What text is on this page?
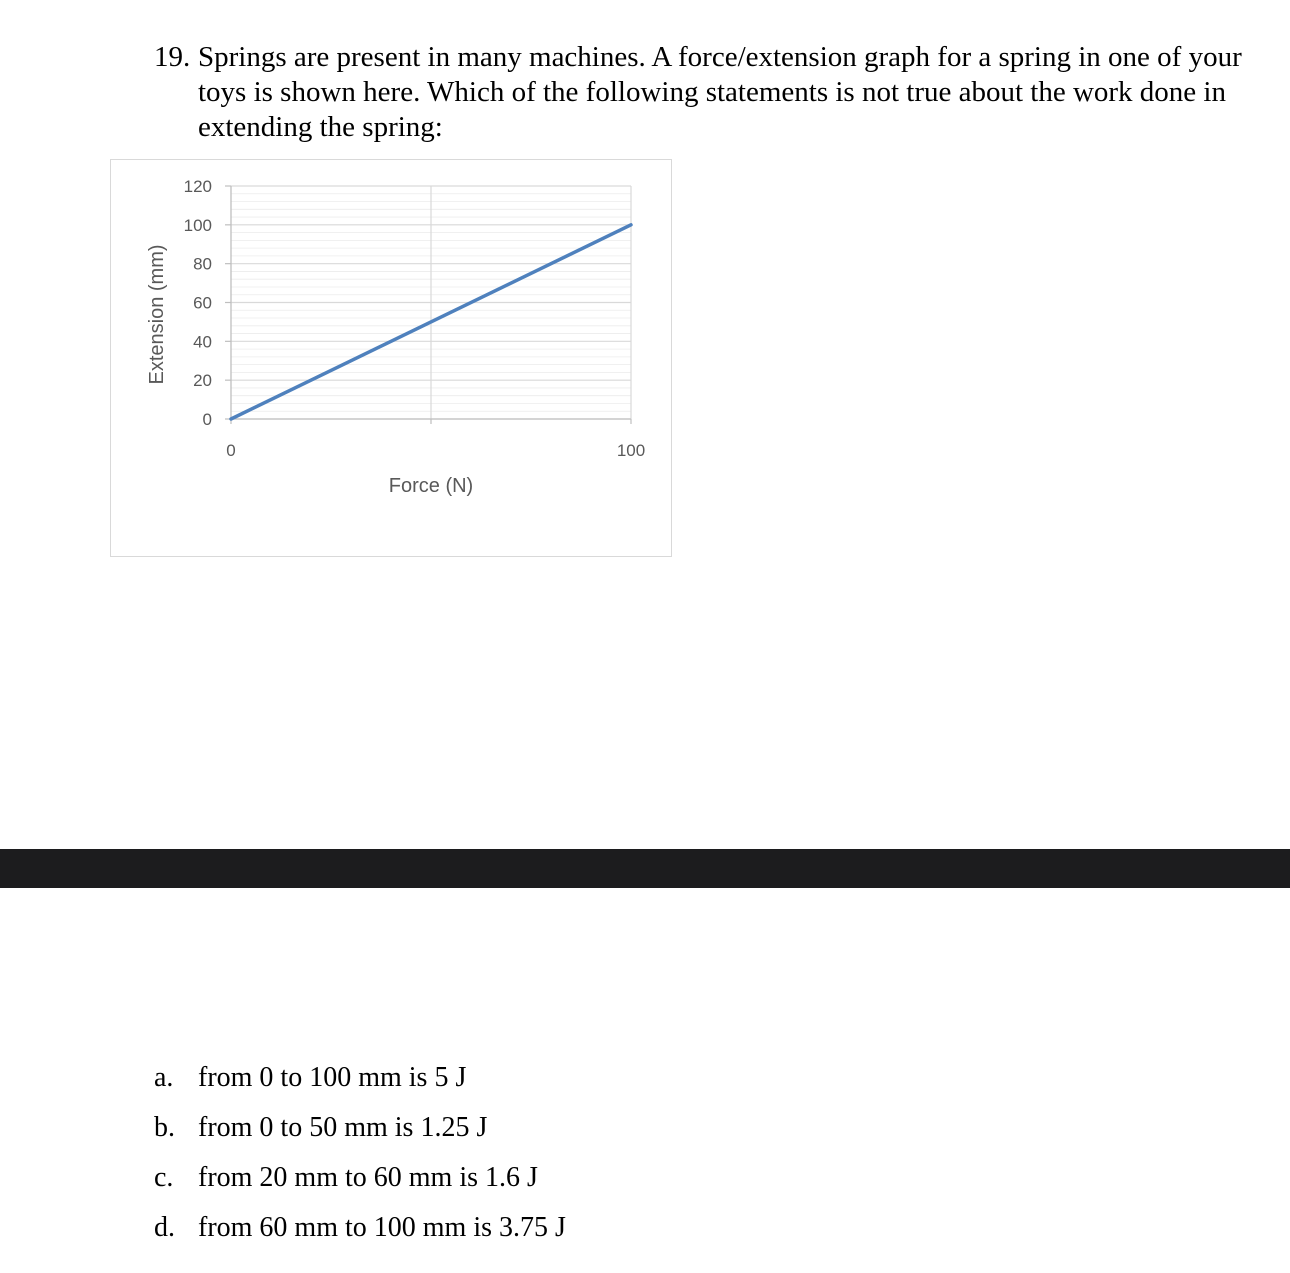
19. Springs are present in many machines. A force/extension graph for a spring in one of your toys is shown here. Which of the following statements is not true about the work done in extending the spring:
0
20
40
60
80
100
120
0	100
Force (N)
Extension (mm)
a. from 0 to 100 mm is 5 J
b. from 0 to 50 mm is 1.25 J
c. from 20 mm to 60 mm is 1.6 J
d. from 60 mm to 100 mm is 3.75 J
